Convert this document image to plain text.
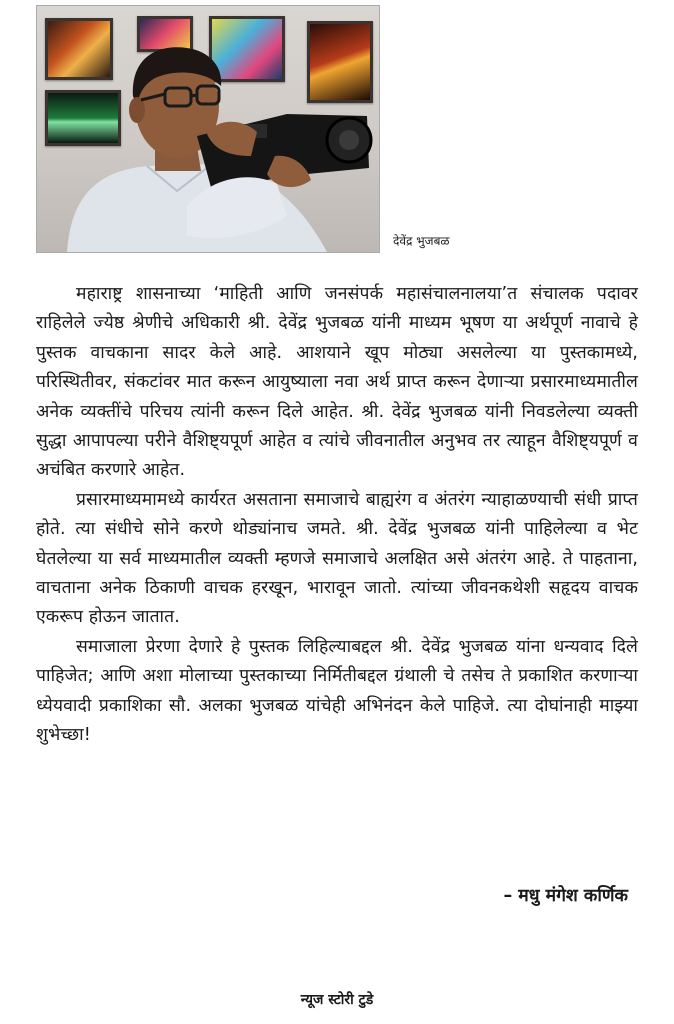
देवेंद्र भुजबळ

महाराष्ट्र शासनाच्या ‘माहिती आणि जनसंपर्क महासंचालनालया’त संचालक पदावर राहिलेले ज्येष्ठ श्रेणीचे अधिकारी श्री. देवेंद्र भुजबळ यांनी माध्यम भूषण या अर्थपूर्ण नावाचे हे पुस्तक वाचकाना सादर केले आहे. आशयाने खूप मोठ्या असलेल्या या पुस्तकामध्ये, परिस्थितीवर, संकटांवर मात करून आयुष्याला नवा अर्थ प्राप्त करून देणाऱ्या प्रसारमाध्यमातील अनेक व्यक्तींचे परिचय त्यांनी करून दिले आहेत. श्री. देवेंद्र भुजबळ यांनी निवडलेल्या व्यक्ती सुद्धा आपापल्या परीने वैशिष्ट्यपूर्ण आहेत व त्यांचे जीवनातील अनुभव तर त्याहून वैशिष्ट्यपूर्ण व अचंबित करणारे आहेत.

प्रसारमाध्यमामध्ये कार्यरत असताना समाजाचे बाह्यरंग व अंतरंग न्याहाळण्याची संधी प्राप्त होते. त्या संधीचे सोने करणे थोड्यांनाच जमते. श्री. देवेंद्र भुजबळ यांनी पाहिलेल्या व भेट घेतलेल्या या सर्व माध्यमातील व्यक्ती म्हणजे समाजाचे अलक्षित असे अंतरंग आहे. ते पाहताना, वाचताना अनेक ठिकाणी वाचक हरखून, भारावून जातो. त्यांच्या जीवनकथेशी सहृदय वाचक एकरूप होऊन जातात.

समाजाला प्रेरणा देणारे हे पुस्तक लिहिल्याबद्दल श्री. देवेंद्र भुजबळ यांना धन्यवाद दिले पाहिजेत; आणि अशा मोलाच्या पुस्तकाच्या निर्मितीबद्दल ग्रंथाली चे तसेच ते प्रकाशित करणाऱ्या ध्येयवादी प्रकाशिका सौ. अलका भुजबळ यांचेही अभिनंदन केले पाहिजे. त्या दोघांनाही माझ्या शुभेच्छा!

– मधु मंगेश कर्णिक
न्यूज स्टोरी टुडे
